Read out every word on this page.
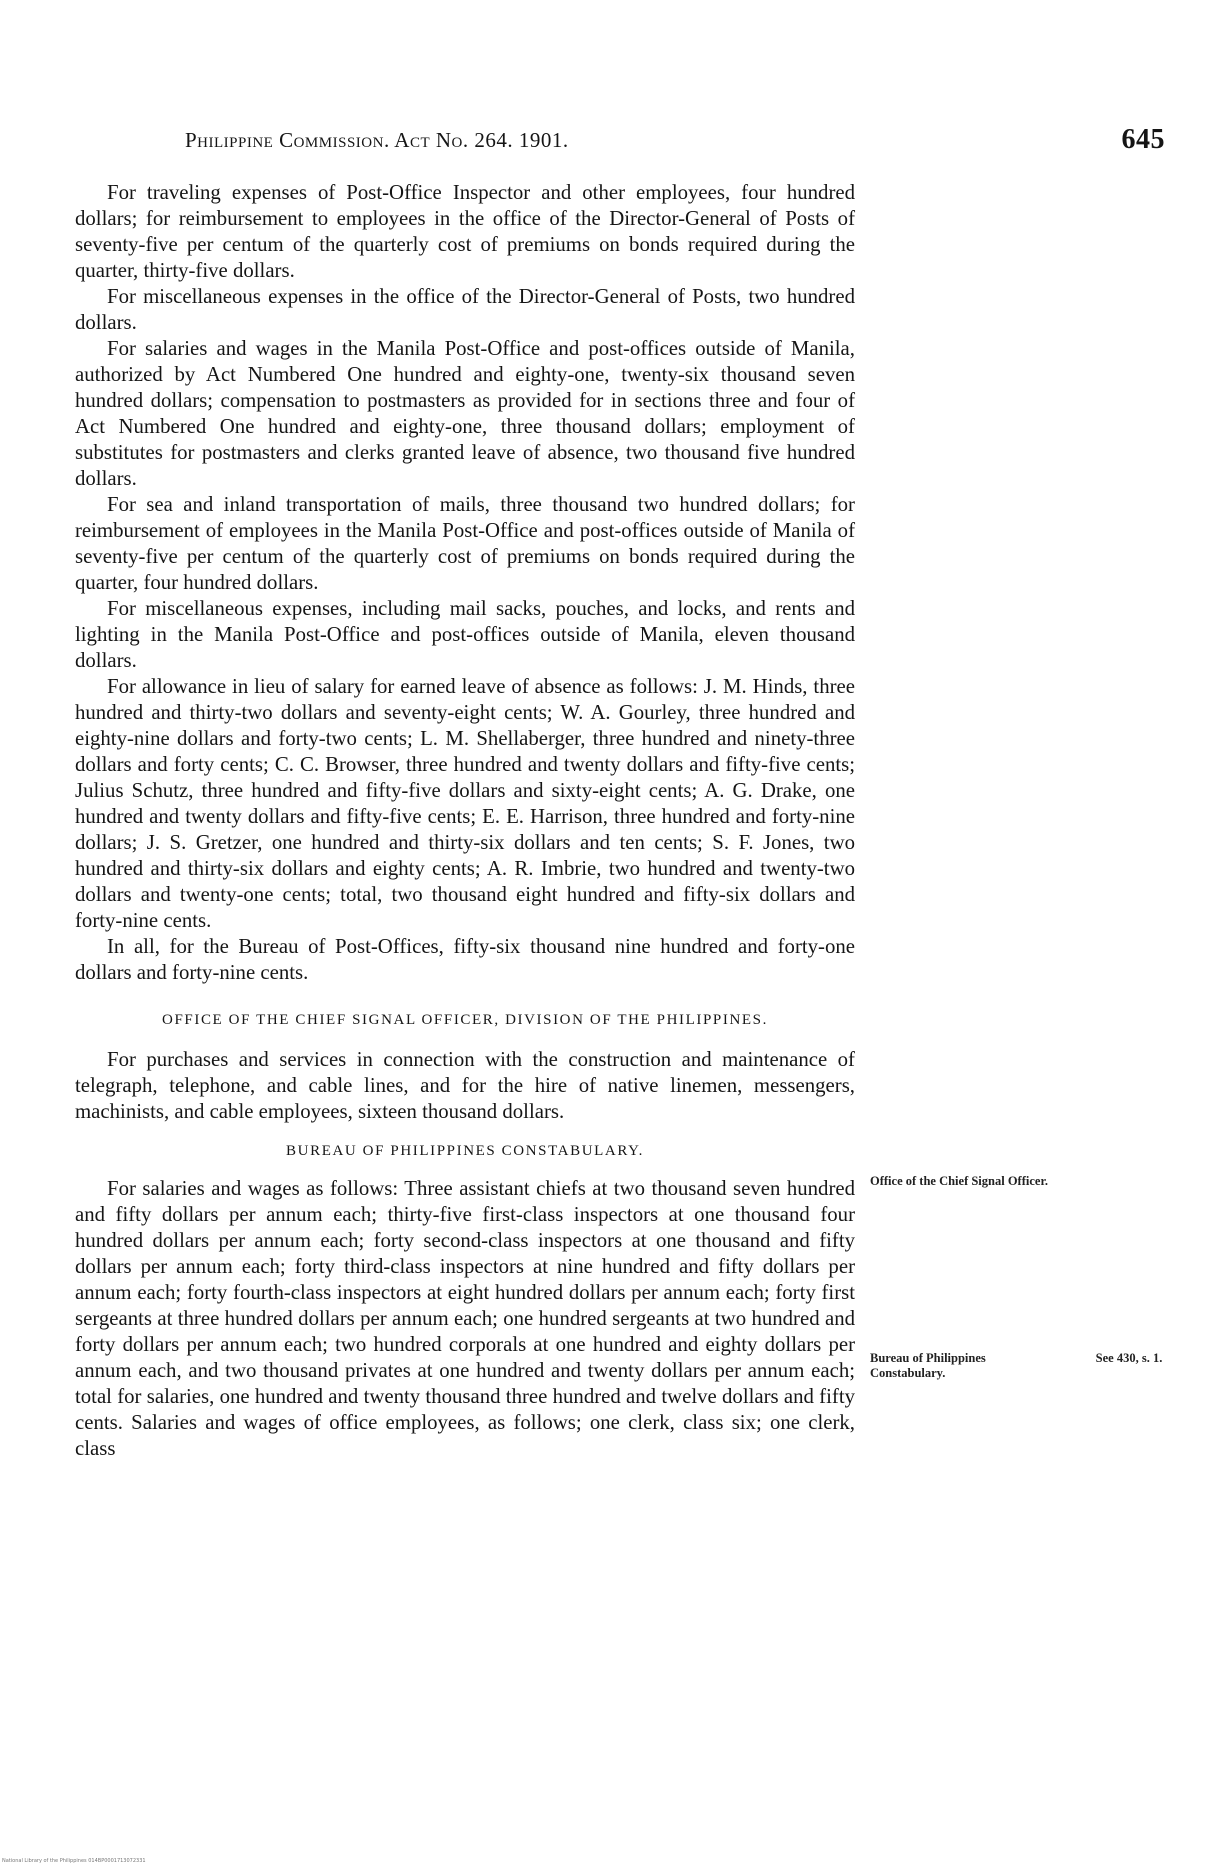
Philippine Commission. Act No. 264. 1901.	645

For traveling expenses of Post-Office Inspector and other employees, four hundred dollars; for reimbursement to employees in the office of the Director-General of Posts of seventy-five per centum of the quarterly cost of premiums on bonds required during the quarter, thirty-five dollars.

For miscellaneous expenses in the office of the Director-General of Posts, two hundred dollars.

For salaries and wages in the Manila Post-Office and post-offices outside of Manila, authorized by Act Numbered One hundred and eighty-one, twenty-six thousand seven hundred dollars; compensation to postmasters as provided for in sections three and four of Act Numbered One hundred and eighty-one, three thousand dollars; employment of substitutes for postmasters and clerks granted leave of absence, two thousand five hundred dollars.

For sea and inland transportation of mails, three thousand two hundred dollars; for reimbursement of employees in the Manila Post-Office and post-offices outside of Manila of seventy-five per centum of the quarterly cost of premiums on bonds required during the quarter, four hundred dollars.

For miscellaneous expenses, including mail sacks, pouches, and locks, and rents and lighting in the Manila Post-Office and post-offices outside of Manila, eleven thousand dollars.

For allowance in lieu of salary for earned leave of absence as follows: J. M. Hinds, three hundred and thirty-two dollars and seventy-eight cents; W. A. Gourley, three hundred and eighty-nine dollars and forty-two cents; L. M. Shellaberger, three hundred and ninety-three dollars and forty cents; C. C. Browser, three hundred and twenty dollars and fifty-five cents; Julius Schutz, three hundred and fifty-five dollars and sixty-eight cents; A. G. Drake, one hundred and twenty dollars and fifty-five cents; E. E. Harrison, three hundred and forty-nine dollars; J. S. Gretzer, one hundred and thirty-six dollars and ten cents; S. F. Jones, two hundred and thirty-six dollars and eighty cents; A. R. Imbrie, two hundred and twenty-two dollars and twenty-one cents; total, two thousand eight hundred and fifty-six dollars and forty-nine cents.

In all, for the Bureau of Post-Offices, fifty-six thousand nine hundred and forty-one dollars and forty-nine cents.

OFFICE OF THE CHIEF SIGNAL OFFICER, DIVISION OF THE PHILIPPINES.

For purchases and services in connection with the construction and maintenance of telegraph, telephone, and cable lines, and for the hire of native linemen, messengers, machinists, and cable employees, sixteen thousand dollars.

BUREAU OF PHILIPPINES CONSTABULARY.

For salaries and wages as follows: Three assistant chiefs at two thousand seven hundred and fifty dollars per annum each; thirty-five first-class inspectors at one thousand four hundred dollars per annum each; forty second-class inspectors at one thousand and fifty dollars per annum each; forty third-class inspectors at nine hundred and fifty dollars per annum each; forty fourth-class inspectors at eight hundred dollars per annum each; forty first sergeants at three hundred dollars per annum each; one hundred sergeants at two hundred and forty dollars per annum each; two hundred corporals at one hundred and eighty dollars per annum each, and two thousand privates at one hundred and twenty dollars per annum each; total for salaries, one hundred and twenty thousand three hundred and twelve dollars and fifty cents. Salaries and wages of office employees, as follows; one clerk, class six; one clerk, class

Office of the Chief Signal Officer.
Bureau of Philippines Constabulary.
See 430, s. 1.
National Library of the Philippines 014BP0001713072331
